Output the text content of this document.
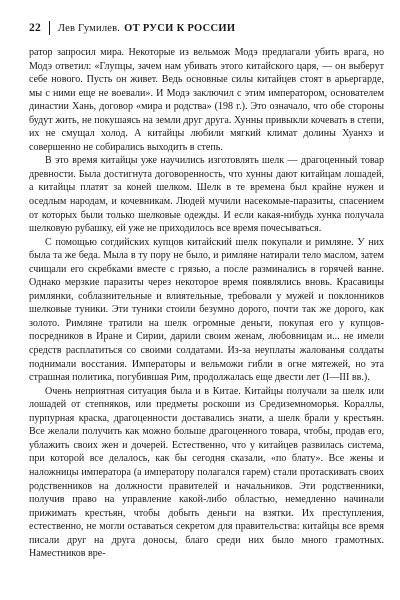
22 Лев Гумилев. ОТ РУСИ К РОССИИ

ратор запросил мира. Некоторые из вельмож Модэ предлагали убить врага, но Модэ ответил: «Глупцы, зачем нам убивать этого китайского царя, — он выберут себе нового. Пусть он живет. Ведь основные силы китайцев стоят в арьергарде, мы с ними еще не воевали». И Модэ заключил с этим императором, основателем династии Хань, договор «мира и родства» (198 г.). Это означало, что обе стороны будут жить, не покушаясь на земли друг друга. Хунны привыкли кочевать в степи, их не смущал холод. А китайцы любили мягкий климат долины Хуанхэ и совершенно не собирались выходить в степь.

В это время китайцы уже научились изготовлять шелк — драгоценный товар древности. Была достигнута договоренность, что хунны дают китайцам лошадей, а китайцы платят за коней шелком. Шелк в те времена был крайне нужен и оседлым народам, и кочевникам. Людей мучили насекомые-паразиты, спасением от которых были только шелковые одежды. И если какая-нибудь хунка получала шелковую рубашку, ей уже не приходилось все время почесываться.

С помощью согдийских купцов китайский шелк покупали и римляне. У них была та же беда. Мыла в ту пору не было, и римляне натирали тело маслом, затем счищали его скребками вместе с грязью, а после разминались в горячей ванне. Однако мерзкие паразиты через некоторое время появлялись вновь. Красавицы римлянки, соблазнительные и влиятельные, требовали у мужей и поклонников шелковые туники. Эти туники стоили безумно дорого, почти так же дорого, как золото. Римляне тратили на шелк огромные деньги, покупая его у купцов-посредников в Иране и Сирии, дарили своим женам, любовницам и... не имели средств расплатиться со своими солдатами. Из-за неуплаты жалованья солдаты поднимали восстания. Императоры и вельможи гибли в огне мятежей, но эта страшная политика, погубившая Рим, продолжалась еще двести лет (I—III вв.).

Очень неприятная ситуация была и в Китае. Китайцы получали за шелк или лошадей от степняков, или предметы роскоши из Средиземноморья. Кораллы, пурпурная краска, драгоценности доставались знати, а шелк брали у крестьян. Все желали получить как можно больше драгоценного товара, чтобы, продав его, ублажить своих жен и дочерей. Естественно, что у китайцев развилась система, при которой все делалось, как бы сегодня сказали, «по блату». Все жены и наложницы императора (а императору полагался гарем) стали протаскивать своих родственников на должности правителей и начальников. Эти родственники, получив право на управление какой-либо областью, немедленно начинали прижимать крестьян, чтобы добыть деньги на взятки. Их преступления, естественно, не могли оставаться секретом для правительства: китайцы все время писали друг на друга доносы, благо среди них было много грамотных. Наместников вре-
